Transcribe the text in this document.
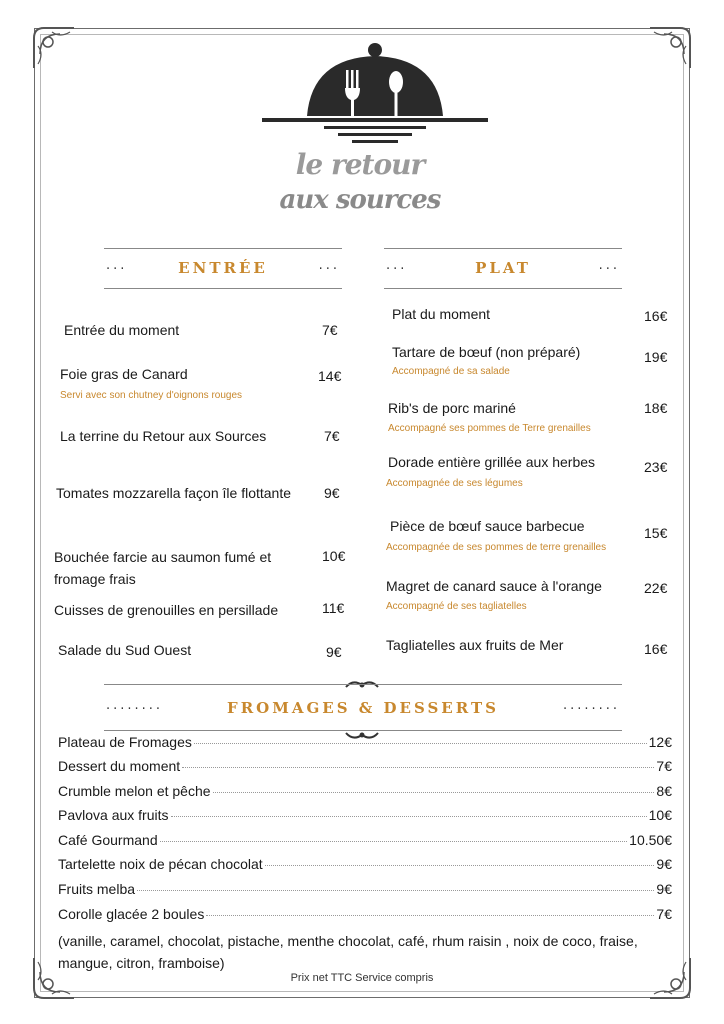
le retour
aux sources
...	ENTRÉE	...	...	PLAT	...
Entrée du moment	7€
Foie gras de Canard
Servi avec son chutney d'oignons rouges
14€
La terrine du Retour aux Sources	7€
Tomates mozzarella façon île flottante 9€
Bouchée farcie au saumon fumé et fromage frais
10€
Cuisses de grenouilles en persillade	11€
Salade du Sud Ouest	9€
Plat du moment	16€
Tartare de bœuf (non préparé)
Accompagné de sa salade
19€
Rib's de porc mariné
Accompagné ses pommes de Terre grenailles
18€
Dorade entière grillée aux herbes
Accompagnée de ses légumes
23€
Pièce de bœuf sauce barbecue
Accompagnée de ses pommes de terre grenailles
15€
Magret de canard sauce à l'orange
Accompagné de ses tagliatelles
22€
Tagliatelles aux fruits de Mer	16€
........	FROMAGES & DESSERTS	........
Plateau de Fromages	12€
Dessert du moment	7€
Crumble melon et pêche	8€
Pavlova aux fruits	10€
Café Gourmand	10.50€
Tartelette noix de pécan chocolat	9€
Fruits melba	9€
Corolle glacée 2 boules	7€
(vanille, caramel, chocolat, pistache, menthe chocolat, café, rhum raisin , noix de coco, fraise, mangue, citron, framboise)
Prix net TTC Service compris
